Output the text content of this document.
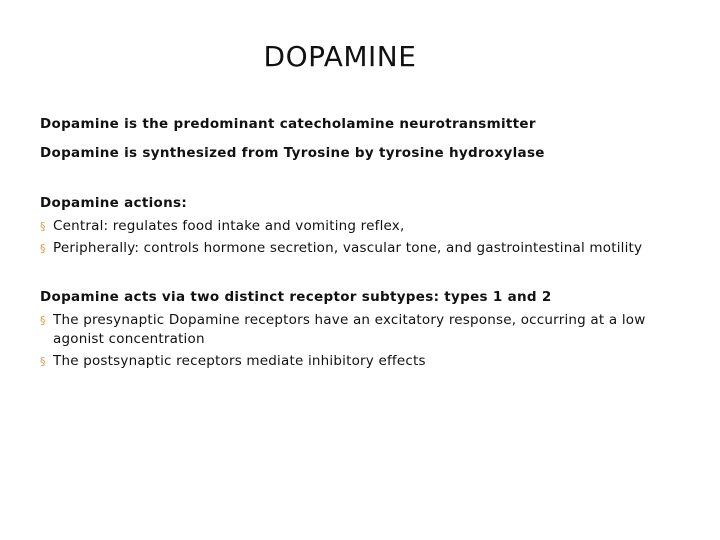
DOPAMINE

Dopamine is the predominant catecholamine neurotransmitter

Dopamine is synthesized from Tyrosine by tyrosine hydroxylase

Dopamine actions:

§ Central: regulates food intake and vomiting reflex,
§ Peripherally: controls hormone secretion, vascular tone, and gastrointestinal motility

Dopamine acts via two distinct receptor subtypes: types 1 and 2

§ The presynaptic Dopamine receptors have an excitatory response, occurring at a low agonist concentration
§ The postsynaptic receptors mediate inhibitory effects
